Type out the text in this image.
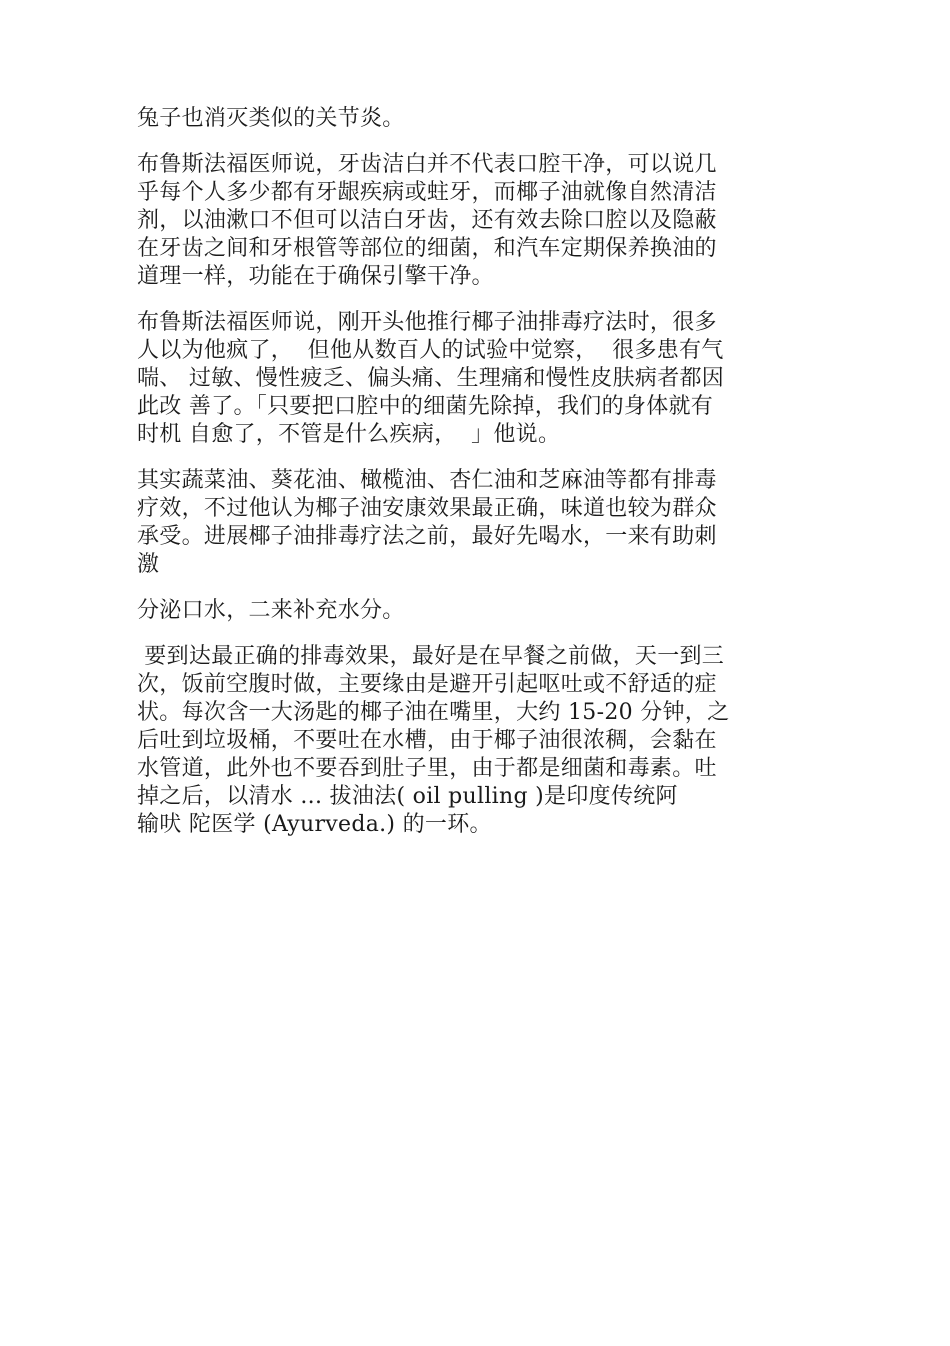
兔子也消灭类似的关节炎。

布鲁斯法福医师说，牙齿洁白并不代表口腔干净，可以说几
乎每个人多少都有牙龈疾病或蛀牙，而椰子油就像自然清洁
剂，以油漱口不但可以洁白牙齿，还有效去除口腔以及隐蔽
在牙齿之间和牙根管等部位的细菌，和汽车定期保养换油的
道理一样，功能在于确保引擎干净。

布鲁斯法福医师说，刚开头他推行椰子油排毒疗法时，很多
人以为他疯了，  但他从数百人的试验中觉察，  很多患有气
喘、 过敏、慢性疲乏、偏头痛、生理痛和慢性皮肤病者都因
此改 善了。「只要把口腔中的细菌先除掉，我们的身体就有
时机 自愈了，不管是什么疾病，  」他说。

其实蔬菜油、葵花油、橄榄油、杏仁油和芝麻油等都有排毒
疗效，不过他认为椰子油安康效果最正确，味道也较为群众
承受。进展椰子油排毒疗法之前，最好先喝水，一来有助刺
激

分泌口水，二来补充水分。

要到达最正确的排毒效果，最好是在早餐之前做，天一到三
次，饭前空腹时做，主要缘由是避开引起呕吐或不舒适的症
状。每次含一大汤匙的椰子油在嘴里，大约 15-20 分钟，之
后吐到垃圾桶，不要吐在水槽，由于椰子油很浓稠，会黏在
水管道，此外也不要吞到肚子里，由于都是细菌和毒素。吐
掉之后，以清水 ... 拔油法( oil pulling )是印度传统阿
输吠 陀医学 (Ayurveda.) 的一环。
